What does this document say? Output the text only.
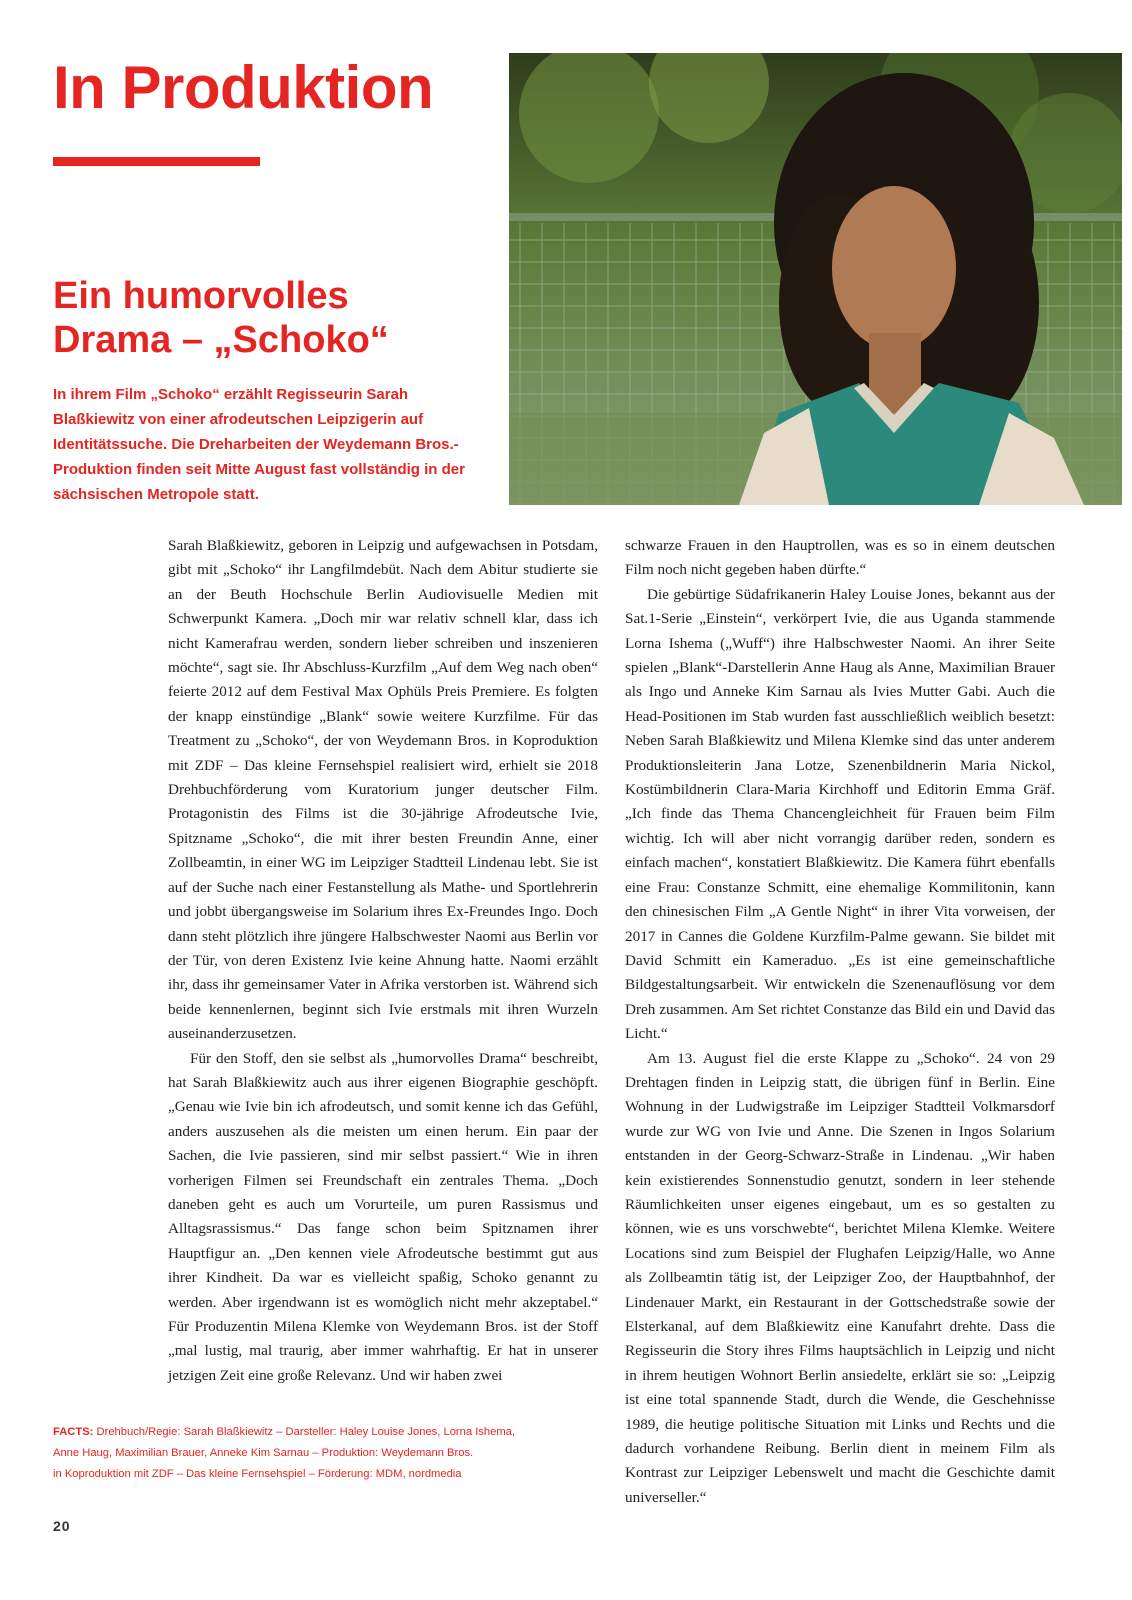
In Produktion
Ein humorvolles
Drama – „Schoko“

In ihrem Film „Schoko“ erzählt Regisseurin Sarah Blaßkiewitz von einer afrodeutschen Leipzigerin auf Identitätssuche. Die Dreharbeiten der Weydemann Bros.-Produktion finden seit Mitte August fast vollständig in der sächsischen Metropole statt.

Sarah Blaßkiewitz, geboren in Leipzig und aufgewachsen in Potsdam, gibt mit „Schoko“ ihr Langfilmdebüt. Nach dem Abitur studierte sie an der Beuth Hochschule Berlin Audiovisuelle Medien mit Schwerpunkt Kamera. „Doch mir war relativ schnell klar, dass ich nicht Kamerafrau werden, sondern lieber schreiben und inszenieren möchte“, sagt sie. Ihr Abschluss-Kurzfilm „Auf dem Weg nach oben“ feierte 2012 auf dem Festival Max Ophüls Preis Premiere. Es folgten der knapp einstündige „Blank“ sowie weitere Kurzfilme. Für das Treatment zu „Schoko“, der von Weydemann Bros. in Koproduktion mit ZDF – Das kleine Fernsehspiel realisiert wird, erhielt sie 2018 Drehbuchförderung vom Kuratorium junger deutscher Film. Protagonistin des Films ist die 30-jährige Afrodeutsche Ivie, Spitzname „Schoko“, die mit ihrer besten Freundin Anne, einer Zollbeamtin, in einer WG im Leipziger Stadtteil Lindenau lebt. Sie ist auf der Suche nach einer Festanstellung als Mathe- und Sportlehrerin und jobbt übergangsweise im Solarium ihres Ex-Freundes Ingo. Doch dann steht plötzlich ihre jüngere Halbschwester Naomi aus Berlin vor der Tür, von deren Existenz Ivie keine Ahnung hatte. Naomi erzählt ihr, dass ihr gemeinsamer Vater in Afrika verstorben ist. Während sich beide kennenlernen, beginnt sich Ivie erstmals mit ihren Wurzeln auseinanderzusetzen.

Für den Stoff, den sie selbst als „humorvolles Drama“ beschreibt, hat Sarah Blaßkiewitz auch aus ihrer eigenen Biographie geschöpft. „Genau wie Ivie bin ich afrodeutsch, und somit kenne ich das Gefühl, anders auszusehen als die meisten um einen herum. Ein paar der Sachen, die Ivie passieren, sind mir selbst passiert.“ Wie in ihren vorherigen Filmen sei Freundschaft ein zentrales Thema. „Doch daneben geht es auch um Vorurteile, um puren Rassismus und Alltagsrassismus.“ Das fange schon beim Spitznamen ihrer Hauptfigur an. „Den kennen viele Afrodeutsche bestimmt gut aus ihrer Kindheit. Da war es vielleicht spaßig, Schoko genannt zu werden. Aber irgendwann ist es womöglich nicht mehr akzeptabel.“ Für Produzentin Milena Klemke von Weydemann Bros. ist der Stoff „mal lustig, mal traurig, aber immer wahrhaftig. Er hat in unserer jetzigen Zeit eine große Relevanz. Und wir haben zwei

schwarze Frauen in den Hauptrollen, was es so in einem deutschen Film noch nicht gegeben haben dürfte.“

Die gebürtige Südafrikanerin Haley Louise Jones, bekannt aus der Sat.1-Serie „Einstein“, verkörpert Ivie, die aus Uganda stammende Lorna Ishema („Wuff“) ihre Halbschwester Naomi. An ihrer Seite spielen „Blank“-Darstellerin Anne Haug als Anne, Maximilian Brauer als Ingo und Anneke Kim Sarnau als Ivies Mutter Gabi. Auch die Head-Positionen im Stab wurden fast ausschließlich weiblich besetzt: Neben Sarah Blaßkiewitz und Milena Klemke sind das unter anderem Produktionsleiterin Jana Lotze, Szenenbildnerin Maria Nickol, Kostümbildnerin Clara-Maria Kirchhoff und Editorin Emma Gräf. „Ich finde das Thema Chancengleichheit für Frauen beim Film wichtig. Ich will aber nicht vorrangig darüber reden, sondern es einfach machen“, konstatiert Blaßkiewitz. Die Kamera führt ebenfalls eine Frau: Constanze Schmitt, eine ehemalige Kommilitonin, kann den chinesischen Film „A Gentle Night“ in ihrer Vita vorweisen, der 2017 in Cannes die Goldene Kurzfilm-Palme gewann. Sie bildet mit David Schmitt ein Kameraduo. „Es ist eine gemeinschaftliche Bildgestaltungsarbeit. Wir entwickeln die Szenenauflösung vor dem Dreh zusammen. Am Set richtet Constanze das Bild ein und David das Licht.“

Am 13. August fiel die erste Klappe zu „Schoko“. 24 von 29 Drehtagen finden in Leipzig statt, die übrigen fünf in Berlin. Eine Wohnung in der Ludwigstraße im Leipziger Stadtteil Volkmarsdorf wurde zur WG von Ivie und Anne. Die Szenen in Ingos Solarium entstanden in der Georg-Schwarz-Straße in Lindenau. „Wir haben kein existierendes Sonnenstudio genutzt, sondern in leer stehende Räumlichkeiten unser eigenes eingebaut, um es so gestalten zu können, wie es uns vorschwebte“, berichtet Milena Klemke. Weitere Locations sind zum Beispiel der Flughafen Leipzig/Halle, wo Anne als Zollbeamtin tätig ist, der Leipziger Zoo, der Hauptbahnhof, der Lindenauer Markt, ein Restaurant in der Gottschedstraße sowie der Elsterkanal, auf dem Blaßkiewitz eine Kanufahrt drehte. Dass die Regisseurin die Story ihres Films hauptsächlich in Leipzig und nicht in ihrem heutigen Wohnort Berlin ansiedelte, erklärt sie so: „Leipzig ist eine total spannende Stadt, durch die Wende, die Geschehnisse 1989, die heutige politische Situation mit Links und Rechts und die dadurch vorhandene Reibung. Berlin dient in meinem Film als Kontrast zur Leipziger Lebenswelt und macht die Geschichte damit universeller.“

FACTS: Drehbuch/Regie: Sarah Blaßkiewitz – Darsteller: Haley Louise Jones, Lorna Ishema,
Anne Haug, Maximilian Brauer, Anneke Kim Sarnau – Produktion: Weydemann Bros.
in Koproduktion mit ZDF – Das kleine Fernsehspiel – Förderung: MDM, nordmedia
20
